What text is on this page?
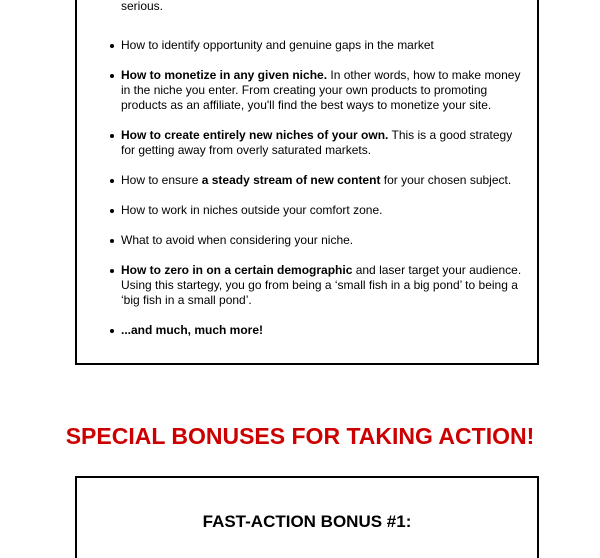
serious.

How to identify opportunity and genuine gaps in the market
How to monetize in any given niche. In other words, how to make money in the niche you enter. From creating your own products to promoting products as an affiliate, you'll find the best ways to monetize your site.
How to create entirely new niches of your own. This is a good strategy for getting away from overly saturated markets.
How to ensure a steady stream of new content for your chosen subject.
How to work in niches outside your comfort zone.
What to avoid when considering your niche.
How to zero in on a certain demographic and laser target your audience. Using this startegy, you go from being a ‘small fish in a big pond’ to being a ‘big fish in a small pond’.
...and much, much more!
SPECIAL BONUSES FOR TAKING ACTION!
FAST-ACTION BONUS #1:
